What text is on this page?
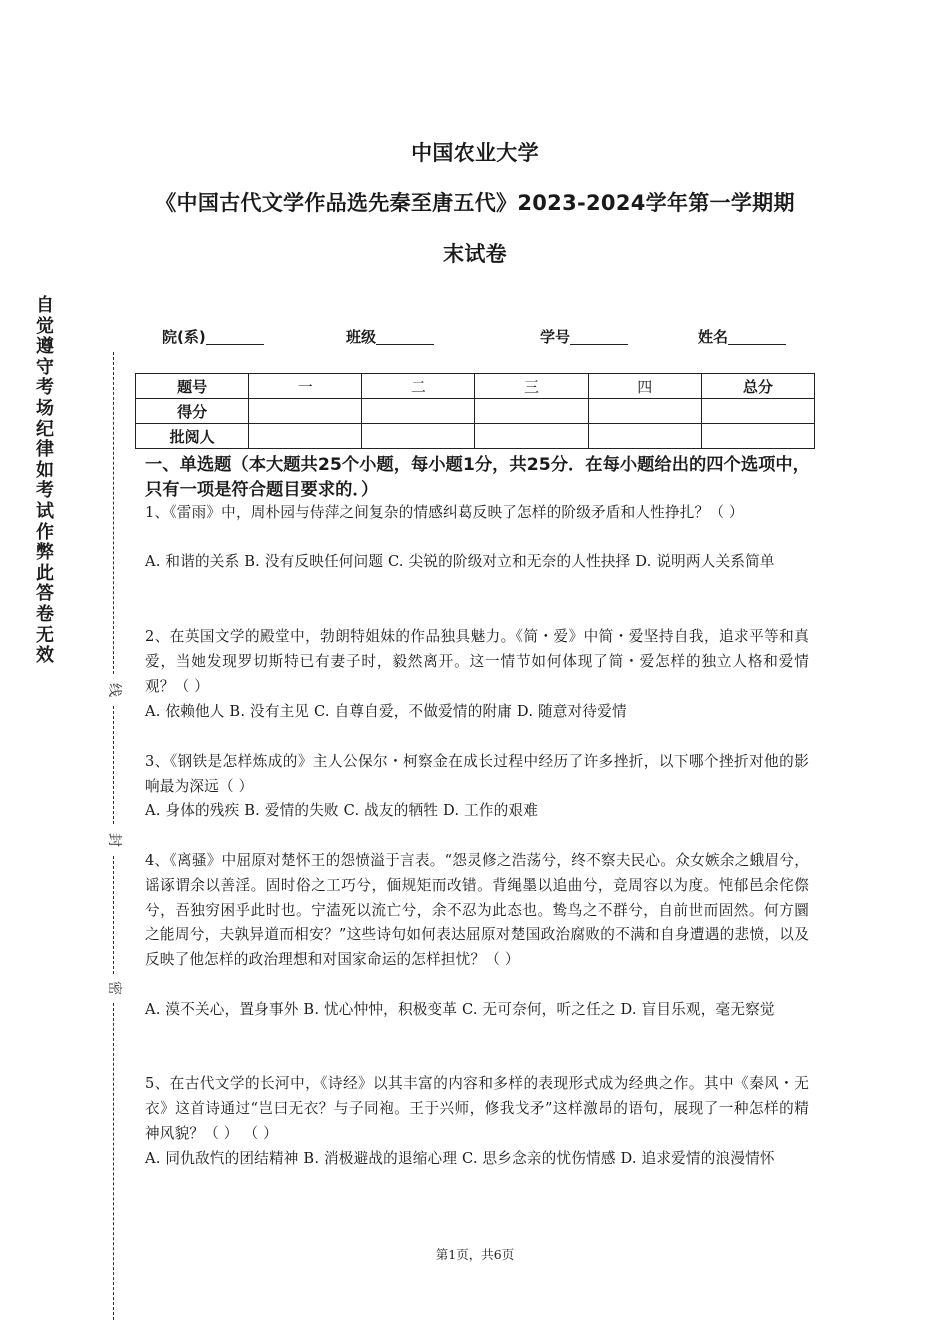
自觉遵守考场纪律如考试作弊此答卷无效
线
封
密
中国农业大学
《中国古代文学作品选先秦至唐五代》2023-2024学年第一学期期
末试卷
院(系)	班级	学号	姓名
题号	一	二	三	四	总分
得分					
批阅人					
一、单选题（本大题共25个小题，每小题1分，共25分．在每小题给出的四个选项中，只有一项是符合题目要求的．）
1、《雷雨》中，周朴园与侍萍之间复杂的情感纠葛反映了怎样的阶级矛盾和人性挣扎？（ ）
A. 和谐的关系 B. 没有反映任何问题 C. 尖锐的阶级对立和无奈的人性抉择 D. 说明两人关系简单
2、在英国文学的殿堂中，勃朗特姐妹的作品独具魅力。《简・爱》中简・爱坚持自我，追求平等和真爱，当她发现罗切斯特已有妻子时，毅然离开。这一情节如何体现了简・爱怎样的独立人格和爱情观？（ ）
A. 依赖他人 B. 没有主见 C. 自尊自爱，不做爱情的附庸 D. 随意对待爱情
3、《钢铁是怎样炼成的》主人公保尔・柯察金在成长过程中经历了许多挫折，以下哪个挫折对他的影响最为深远（ ）
A. 身体的残疾 B. 爱情的失败 C. 战友的牺牲 D. 工作的艰难
4、《离骚》中屈原对楚怀王的怨愤溢于言表。“怨灵修之浩荡兮，终不察夫民心。众女嫉余之蛾眉兮，谣诼谓余以善淫。固时俗之工巧兮，偭规矩而改错。背绳墨以追曲兮，竞周容以为度。忳郁邑余侘傺兮，吾独穷困乎此时也。宁溘死以流亡兮，余不忍为此态也。鸷鸟之不群兮，自前世而固然。何方圜之能周兮，夫孰异道而相安？”这些诗句如何表达屈原对楚国政治腐败的不满和自身遭遇的悲愤，以及反映了他怎样的政治理想和对国家命运的怎样担忧？（ ）
A. 漠不关心，置身事外 B. 忧心忡忡，积极变革 C. 无可奈何，听之任之 D. 盲目乐观，毫无察觉
5、在古代文学的长河中，《诗经》以其丰富的内容和多样的表现形式成为经典之作。其中《秦风・无衣》这首诗通过“岂曰无衣？与子同袍。王于兴师，修我戈矛”这样激昂的语句，展现了一种怎样的精神风貌？（ ） （ ）
A. 同仇敌忾的团结精神 B. 消极避战的退缩心理 C. 思乡念亲的忧伤情感 D. 追求爱情的浪漫情怀
第1页，共6页
